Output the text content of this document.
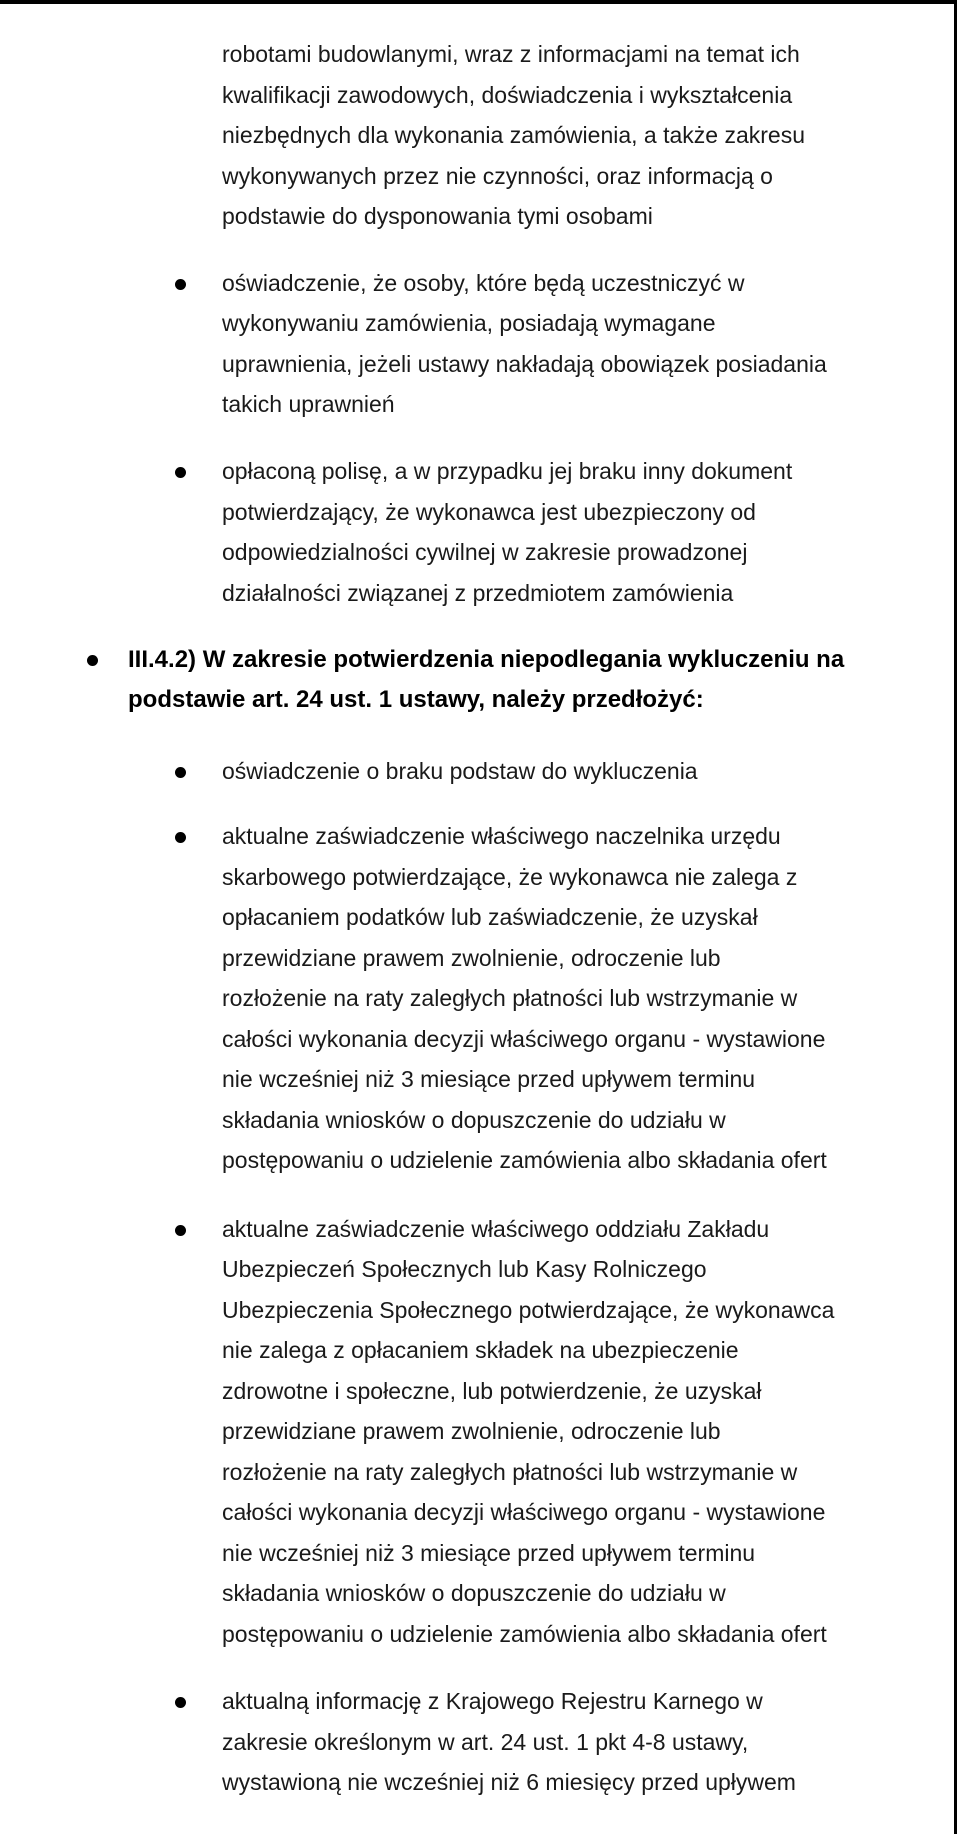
robotami budowlanymi, wraz z informacjami na temat ich
kwalifikacji zawodowych, doświadczenia i wykształcenia
niezbędnych dla wykonania zamówienia, a także zakresu
wykonywanych przez nie czynności, oraz informacją o
podstawie do dysponowania tymi osobami
oświadczenie, że osoby, które będą uczestniczyć w
wykonywaniu zamówienia, posiadają wymagane
uprawnienia, jeżeli ustawy nakładają obowiązek posiadania
takich uprawnień
opłaconą polisę, a w przypadku jej braku inny dokument
potwierdzający, że wykonawca jest ubezpieczony od
odpowiedzialności cywilnej w zakresie prowadzonej
działalności związanej z przedmiotem zamówienia
III.4.2) W zakresie potwierdzenia niepodlegania wykluczeniu na
podstawie art. 24 ust. 1 ustawy, należy przedłożyć:
oświadczenie o braku podstaw do wykluczenia
aktualne zaświadczenie właściwego naczelnika urzędu
skarbowego potwierdzające, że wykonawca nie zalega z
opłacaniem podatków lub zaświadczenie, że uzyskał
przewidziane prawem zwolnienie, odroczenie lub
rozłożenie na raty zaległych płatności lub wstrzymanie w
całości wykonania decyzji właściwego organu - wystawione
nie wcześniej niż 3 miesiące przed upływem terminu
składania wniosków o dopuszczenie do udziału w
postępowaniu o udzielenie zamówienia albo składania ofert
aktualne zaświadczenie właściwego oddziału Zakładu
Ubezpieczeń Społecznych lub Kasy Rolniczego
Ubezpieczenia Społecznego potwierdzające, że wykonawca
nie zalega z opłacaniem składek na ubezpieczenie
zdrowotne i społeczne, lub potwierdzenie, że uzyskał
przewidziane prawem zwolnienie, odroczenie lub
rozłożenie na raty zaległych płatności lub wstrzymanie w
całości wykonania decyzji właściwego organu - wystawione
nie wcześniej niż 3 miesiące przed upływem terminu
składania wniosków o dopuszczenie do udziału w
postępowaniu o udzielenie zamówienia albo składania ofert
aktualną informację z Krajowego Rejestru Karnego w
zakresie określonym w art. 24 ust. 1 pkt 4-8 ustawy,
wystawioną nie wcześniej niż 6 miesięcy przed upływem
